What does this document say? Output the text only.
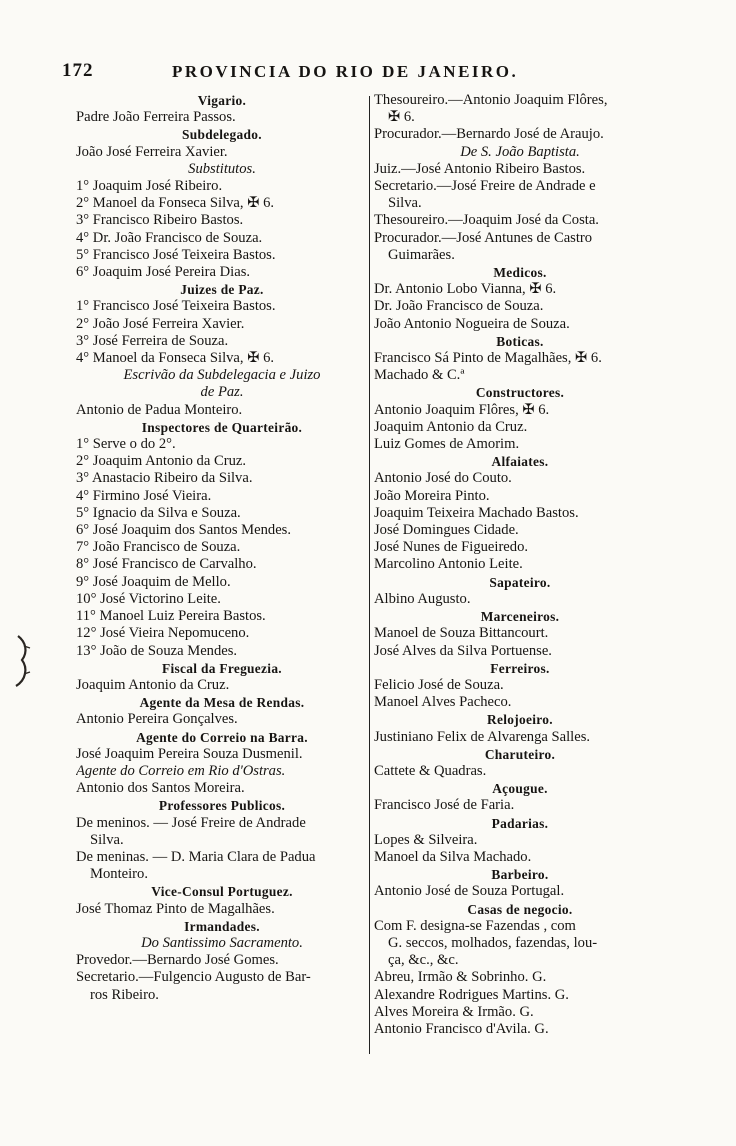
172	PROVINCIA DO RIO DE JANEIRO.
Vigario.
Padre João Ferreira Passos.
Subdelegado.
João José Ferreira Xavier.
Substitutos.
1° Joaquim José Ribeiro.
2° Manoel da Fonseca Silva, ✠ 6.
3° Francisco Ribeiro Bastos.
4° Dr. João Francisco de Souza.
5° Francisco José Teixeira Bastos.
6° Joaquim José Pereira Dias.
Juizes de Paz.
1° Francisco José Teixeira Bastos.
2° João José Ferreira Xavier.
3° José Ferreira de Souza.
4° Manoel da Fonseca Silva, ✠ 6.
Escrivão da Subdelegacia e Juizo
de Paz.
Antonio de Padua Monteiro.
Inspectores de Quarteirão.
1° Serve o do 2°.
2° Joaquim Antonio da Cruz.
3° Anastacio Ribeiro da Silva.
4° Firmino José Vieira.
5° Ignacio da Silva e Souza.
6° José Joaquim dos Santos Mendes.
7° João Francisco de Souza.
8° José Francisco de Carvalho.
9° José Joaquim de Mello.
10° José Victorino Leite.
11° Manoel Luiz Pereira Bastos.
12° José Vieira Nepomuceno.
13° João de Souza Mendes.
Fiscal da Freguezia.
Joaquim Antonio da Cruz.
Agente da Mesa de Rendas.
Antonio Pereira Gonçalves.
Agente do Correio na Barra.
José Joaquim Pereira Souza Dusmenil.
Agente do Correio em Rio d'Ostras.
Antonio dos Santos Moreira.
Professores Publicos.
De meninos. — José Freire de Andrade
Silva.
De meninas. — D. Maria Clara de Padua
Monteiro.
Vice-Consul Portuguez.
José Thomaz Pinto de Magalhães.
Irmandades.
Do Santissimo Sacramento.
Provedor.—Bernardo José Gomes.
Secretario.—Fulgencio Augusto de Bar-
ros Ribeiro.
Thesoureiro.—Antonio Joaquim Flôres,
✠ 6.
Procurador.—Bernardo José de Araujo.
De S. João Baptista.
Juiz.—José Antonio Ribeiro Bastos.
Secretario.—José Freire de Andrade e
Silva.
Thesoureiro.—Joaquim José da Costa.
Procurador.—José Antunes de Castro
Guimarães.
Medicos.
Dr. Antonio Lobo Vianna, ✠ 6.
Dr. João Francisco de Souza.
João Antonio Nogueira de Souza.
Boticas.
Francisco Sá Pinto de Magalhães, ✠ 6.
Machado & C.ª
Constructores.
Antonio Joaquim Flôres, ✠ 6.
Joaquim Antonio da Cruz.
Luiz Gomes de Amorim.
Alfaiates.
Antonio José do Couto.
João Moreira Pinto.
Joaquim Teixeira Machado Bastos.
José Domingues Cidade.
José Nunes de Figueiredo.
Marcolino Antonio Leite.
Sapateiro.
Albino Augusto.
Marceneiros.
Manoel de Souza Bittancourt.
José Alves da Silva Portuense.
Ferreiros.
Felicio José de Souza.
Manoel Alves Pacheco.
Relojoeiro.
Justiniano Felix de Alvarenga Salles.
Charuteiro.
Cattete & Quadras.
Açougue.
Francisco José de Faria.
Padarias.
Lopes & Silveira.
Manoel da Silva Machado.
Barbeiro.
Antonio José de Souza Portugal.
Casas de negocio.
Com F. designa-se Fazendas , com
G. seccos, molhados, fazendas, lou-
ça, &c., &c.
Abreu, Irmão & Sobrinho. G.
Alexandre Rodrigues Martins. G.
Alves Moreira & Irmão. G.
Antonio Francisco d'Avila. G.
